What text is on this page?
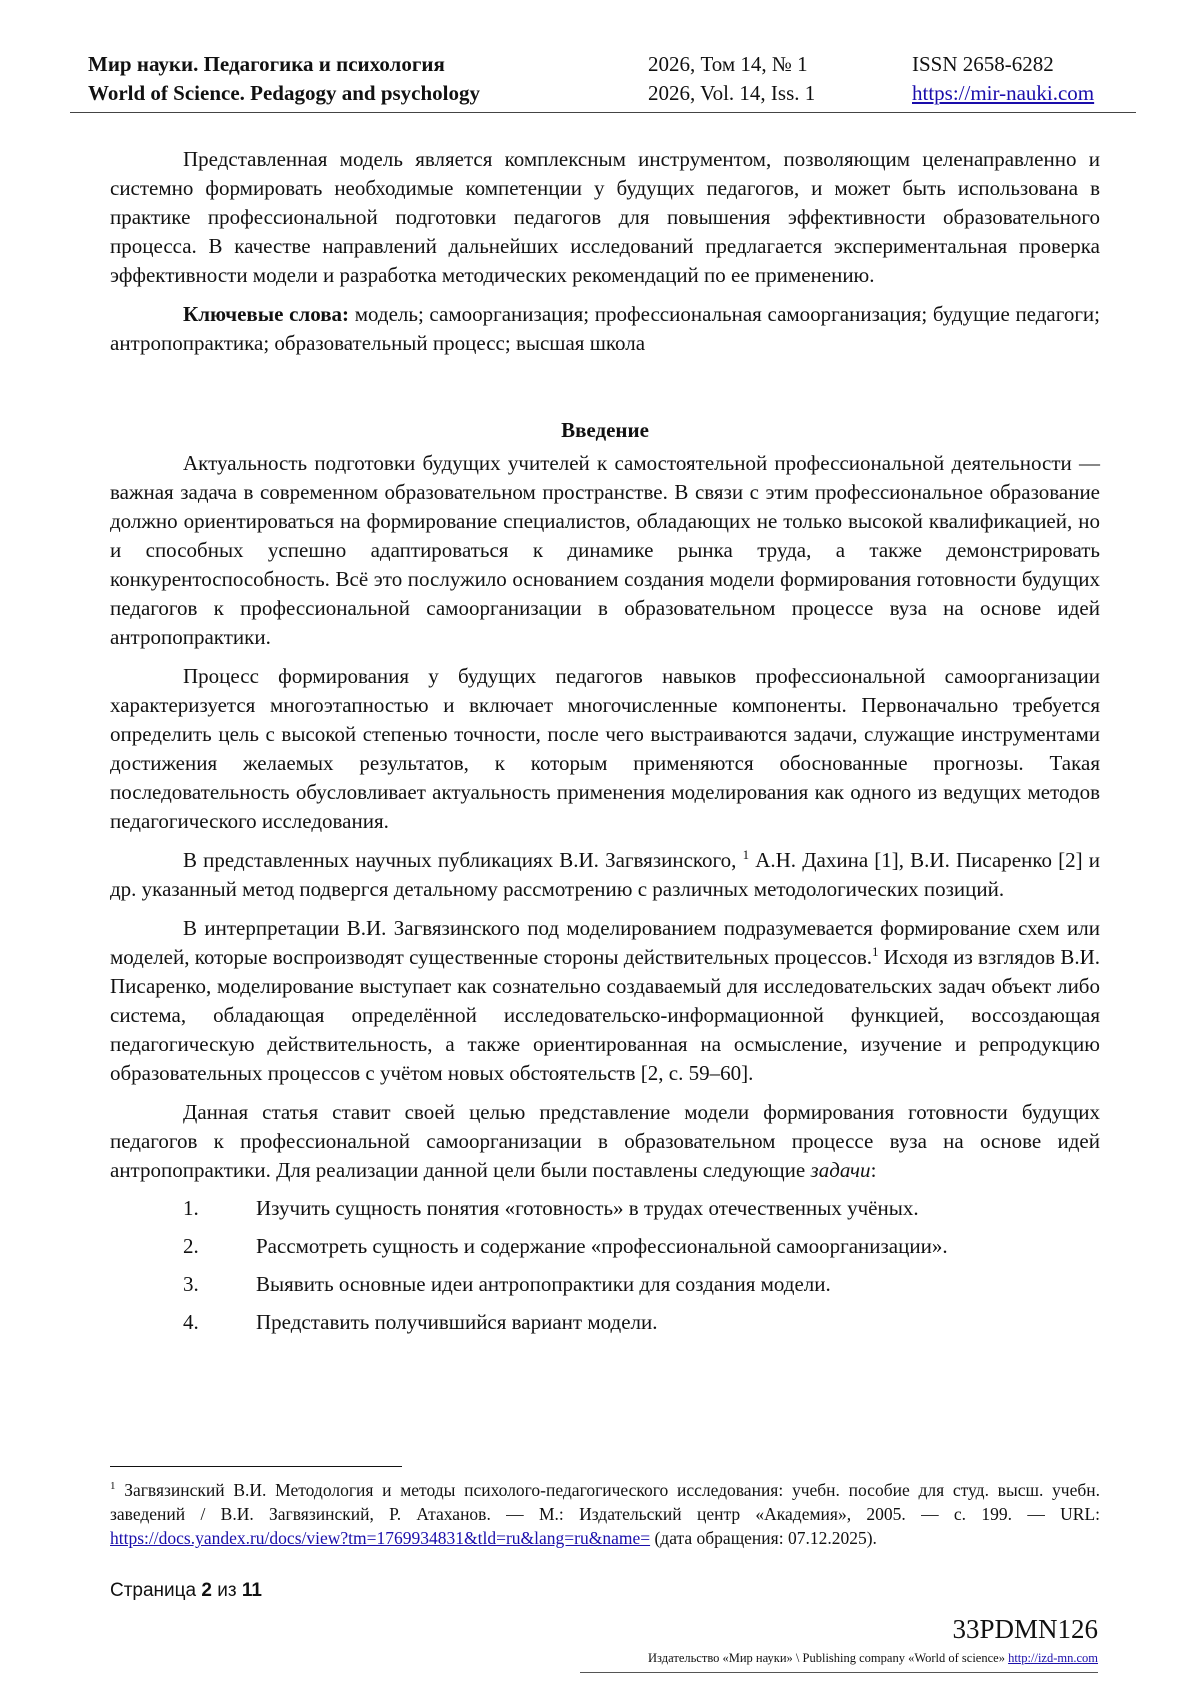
Мир науки. Педагогика и психология
World of Science. Pedagogy and psychology
2026, Том 14, № 1
2026, Vol. 14, Iss. 1
ISSN 2658-6282
https://mir-nauki.com

Представленная модель является комплексным инструментом, позволяющим целенаправленно и системно формировать необходимые компетенции у будущих педагогов, и может быть использована в практике профессиональной подготовки педагогов для повышения эффективности образовательного процесса. В качестве направлений дальнейших исследований предлагается экспериментальная проверка эффективности модели и разработка методических рекомендаций по ее применению.

Ключевые слова: модель; самоорганизация; профессиональная самоорганизация; будущие педагоги; антропопрактика; образовательный процесс; высшая школа

Введение

Актуальность подготовки будущих учителей к самостоятельной профессиональной деятельности — важная задача в современном образовательном пространстве. В связи с этим профессиональное образование должно ориентироваться на формирование специалистов, обладающих не только высокой квалификацией, но и способных успешно адаптироваться к динамике рынка труда, а также демонстрировать конкурентоспособность. Всё это послужило основанием создания модели формирования готовности будущих педагогов к профессиональной самоорганизации в образовательном процессе вуза на основе идей антропопрактики.

Процесс формирования у будущих педагогов навыков профессиональной самоорганизации характеризуется многоэтапностью и включает многочисленные компоненты. Первоначально требуется определить цель с высокой степенью точности, после чего выстраиваются задачи, служащие инструментами достижения желаемых результатов, к которым применяются обоснованные прогнозы. Такая последовательность обусловливает актуальность применения моделирования как одного из ведущих методов педагогического исследования.

В представленных научных публикациях В.И. Загвязинского, $^1$ А.Н. Дахина [1], В.И. Писаренко [2] и др. указанный метод подвергся детальному рассмотрению с различных методологических позиций.

В интерпретации В.И. Загвязинского под моделированием подразумевается формирование схем или моделей, которые воспроизводят существенные стороны действительных процессов.$^1$ Исходя из взглядов В.И. Писаренко, моделирование выступает как сознательно создаваемый для исследовательских задач объект либо система, обладающая определённой исследовательско-информационной функцией, воссоздающая педагогическую действительность, а также ориентированная на осмысление, изучение и репродукцию образовательных процессов с учётом новых обстоятельств [2, с. 59–60].

Данная статья ставит своей целью представление модели формирования готовности будущих педагогов к профессиональной самоорганизации в образовательном процессе вуза на основе идей антропопрактики. Для реализации данной цели были поставлены следующие задачи:

1.	Изучить сущность понятия «готовность» в трудах отечественных учёных.
2.	Рассмотреть сущность и содержание «профессиональной самоорганизации».
3.	Выявить основные идеи антропопрактики для создания модели.
4.	Представить получившийся вариант модели.
$^1$ Загвязинский В.И. Методология и методы психолого-педагогического исследования: учебн. пособие для студ. высш. учебн. заведений / В.И. Загвязинский, Р. Атаханов. — М.: Издательский центр «Академия», 2005. — с. 199. — URL: https://docs.yandex.ru/docs/view?tm=1769934831&tld=ru&lang=ru&name= (дата обращения: 07.12.2025).
Страница 2 из 11
33PDMN126
Издательство «Мир науки» \ Publishing company «World of science» http://izd-mn.com
